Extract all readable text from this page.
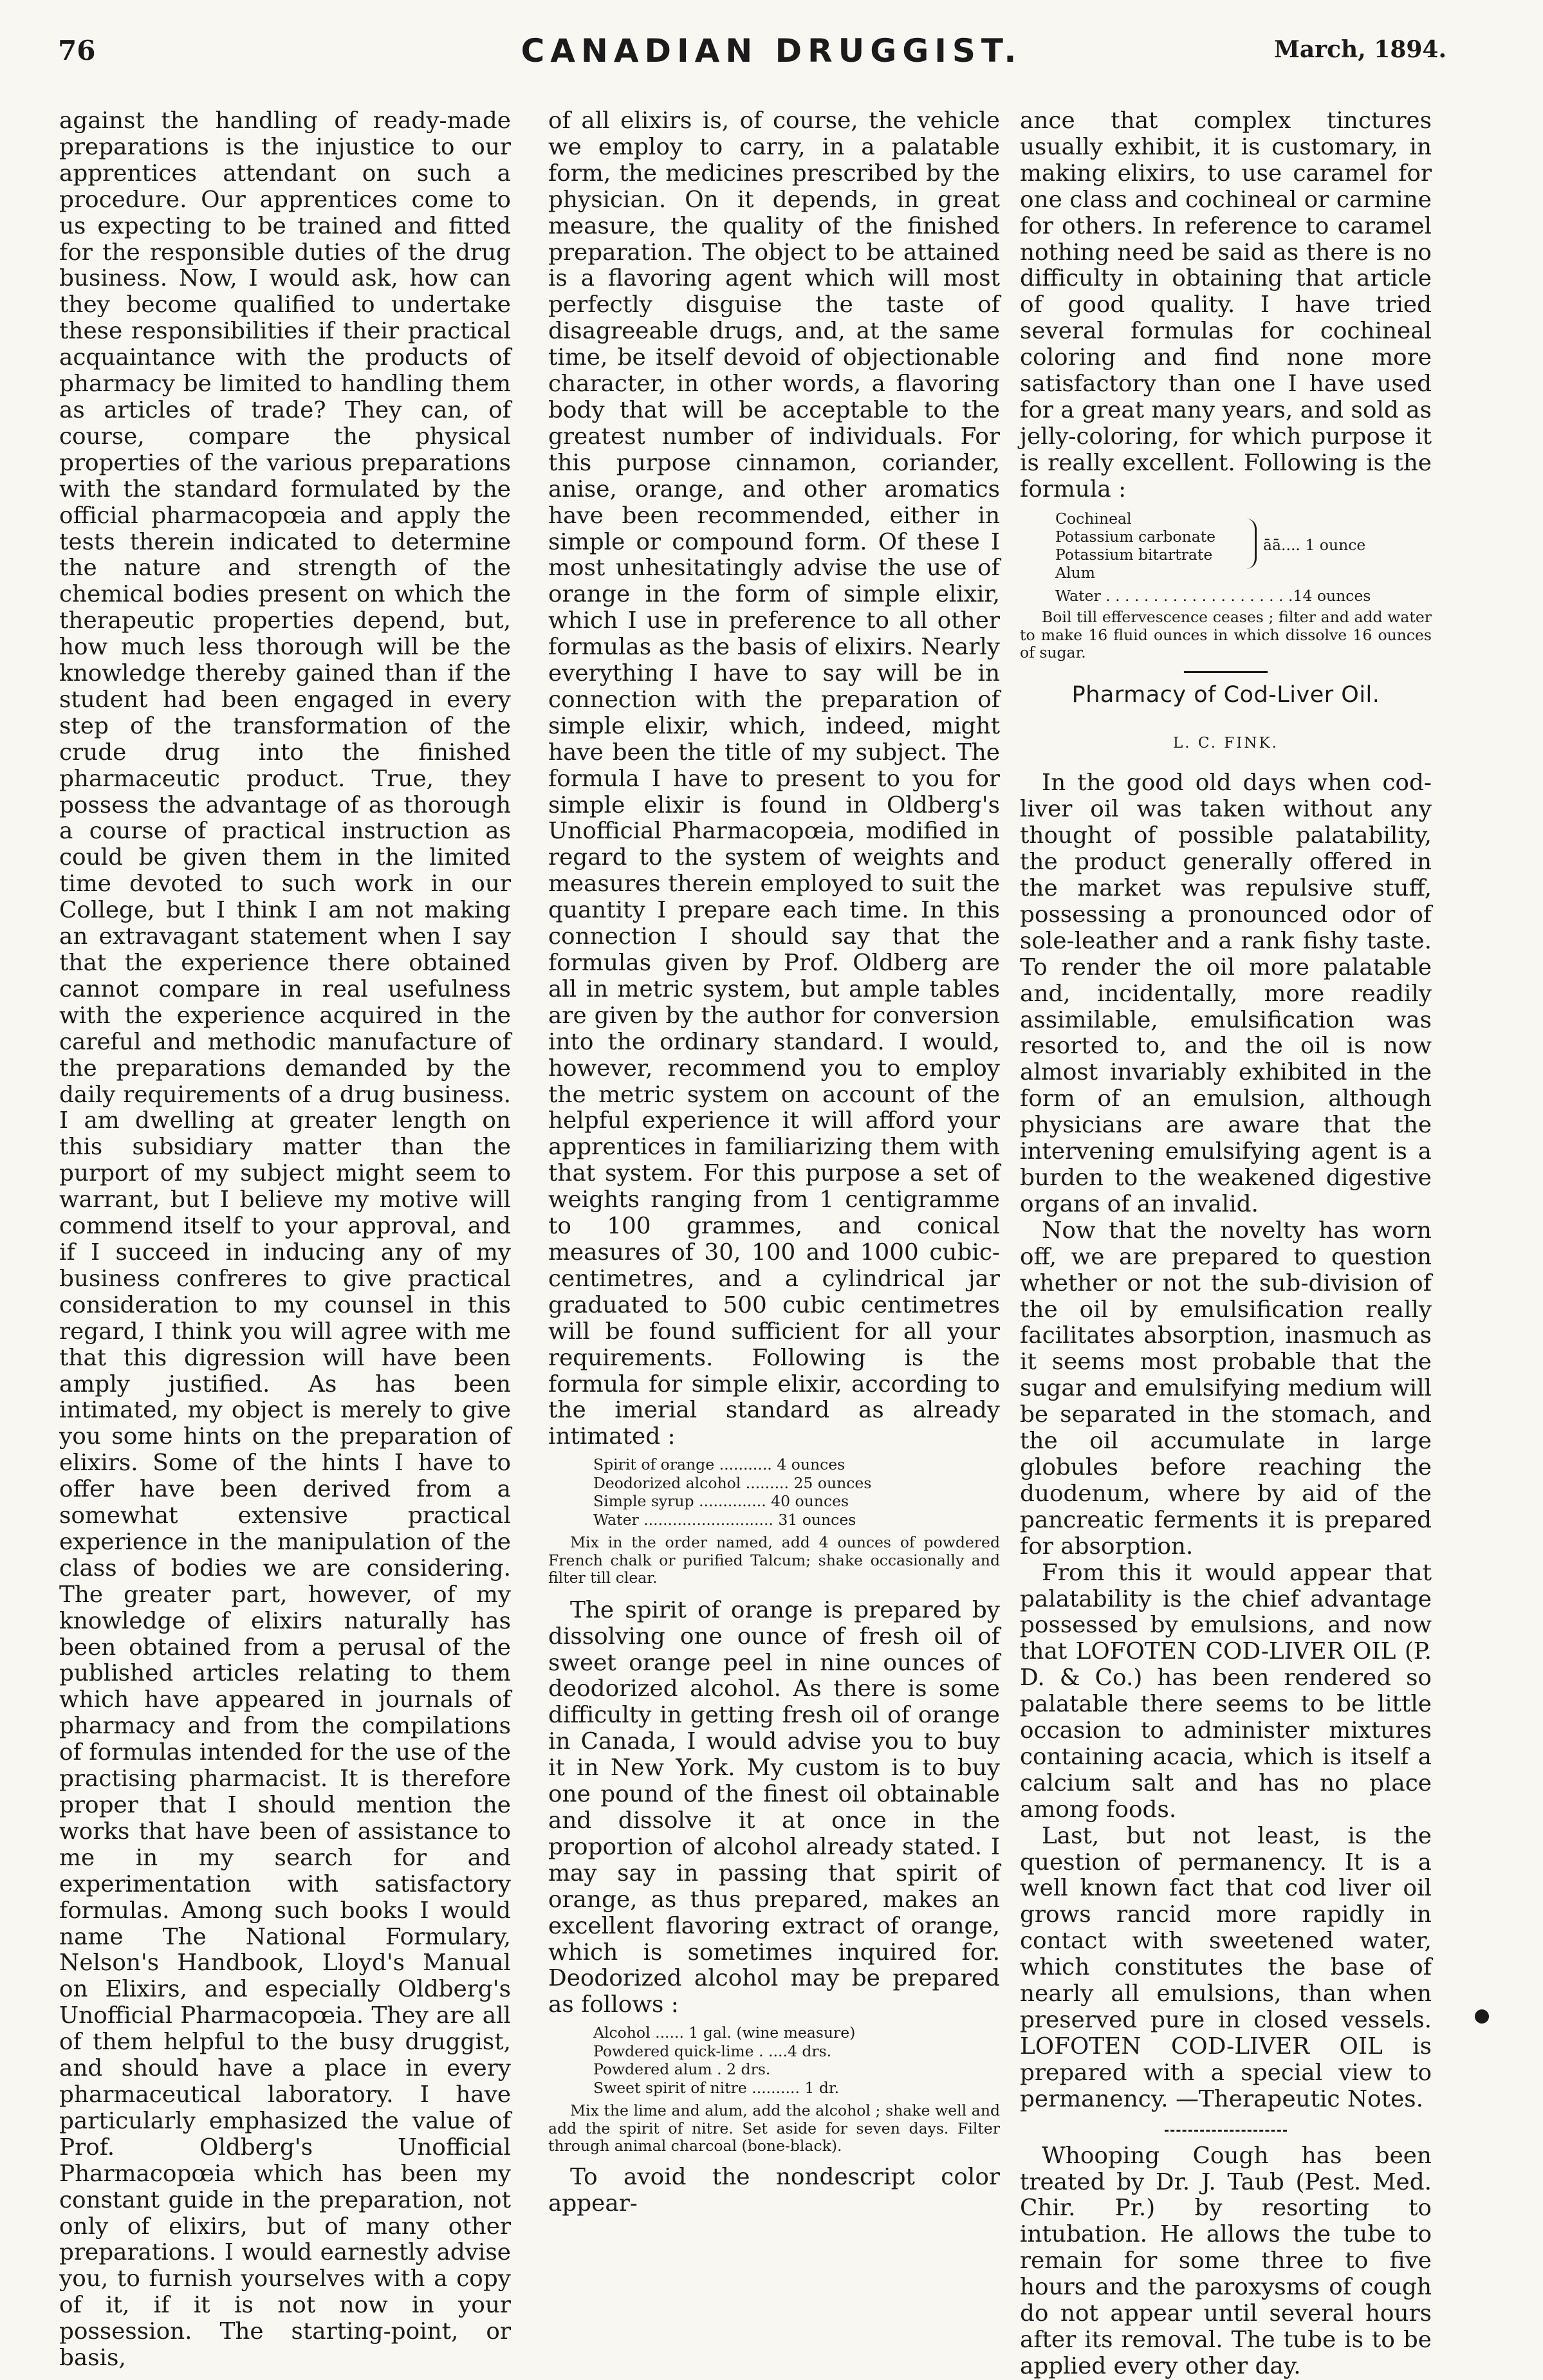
76	CANADIAN DRUGGIST.	March, 1894.

against the handling of ready-made preparations is the injustice to our apprentices attendant on such a procedure. Our apprentices come to us expecting to be trained and fitted for the responsible duties of the drug business. Now, I would ask, how can they become qualified to undertake these responsibilities if their practical acquaintance with the products of pharmacy be limited to handling them as articles of trade? They can, of course, compare the physical properties of the various preparations with the standard formulated by the official pharmacopœia and apply the tests therein indicated to determine the nature and strength of the chemical bodies present on which the therapeutic properties depend, but, how much less thorough will be the knowledge thereby gained than if the student had been engaged in every step of the transformation of the crude drug into the finished pharmaceutic product. True, they possess the advantage of as thorough a course of practical instruction as could be given them in the limited time devoted to such work in our College, but I think I am not making an extravagant statement when I say that the experience there obtained cannot compare in real usefulness with the experience acquired in the careful and methodic manufacture of the preparations demanded by the daily requirements of a drug business. I am dwelling at greater length on this subsidiary matter than the purport of my subject might seem to warrant, but I believe my motive will commend itself to your approval, and if I succeed in inducing any of my business confreres to give practical consideration to my counsel in this regard, I think you will agree with me that this digression will have been amply justified. As has been intimated, my object is merely to give you some hints on the preparation of elixirs. Some of the hints I have to offer have been derived from a somewhat extensive practical experience in the manipulation of the class of bodies we are considering. The greater part, however, of my knowledge of elixirs naturally has been obtained from a perusal of the published articles relating to them which have appeared in journals of pharmacy and from the compilations of formulas intended for the use of the practising pharmacist. It is therefore proper that I should mention the works that have been of assistance to me in my search for and experimentation with satisfactory formulas. Among such books I would name The National Formulary, Nelson's Handbook, Lloyd's Manual on Elixirs, and especially Oldberg's Unofficial Pharmacopœia. They are all of them helpful to the busy druggist, and should have a place in every pharmaceutical laboratory. I have particularly emphasized the value of Prof. Oldberg's Unofficial Pharmacopœia which has been my constant guide in the preparation, not only of elixirs, but of many other preparations. I would earnestly advise you, to furnish yourselves with a copy of it, if it is not now in your possession. The starting-point, or basis,

of all elixirs is, of course, the vehicle we employ to carry, in a palatable form, the medicines prescribed by the physician. On it depends, in great measure, the quality of the finished preparation. The object to be attained is a flavoring agent which will most perfectly disguise the taste of disagreeable drugs, and, at the same time, be itself devoid of objectionable character, in other words, a flavoring body that will be acceptable to the greatest number of individuals. For this purpose cinnamon, coriander, anise, orange, and other aromatics have been recommended, either in simple or compound form. Of these I most unhesitatingly advise the use of orange in the form of simple elixir, which I use in preference to all other formulas as the basis of elixirs. Nearly everything I have to say will be in connection with the preparation of simple elixir, which, indeed, might have been the title of my subject. The formula I have to present to you for simple elixir is found in Oldberg's Unofficial Pharmacopœia, modified in regard to the system of weights and measures therein employed to suit the quantity I prepare each time. In this connection I should say that the formulas given by Prof. Oldberg are all in metric system, but ample tables are given by the author for conversion into the ordinary standard. I would, however, recommend you to employ the metric system on account of the helpful experience it will afford your apprentices in familiarizing them with that system. For this purpose a set of weights ranging from 1 centigramme to 100 grammes, and conical measures of 30, 100 and 1000 cubic-centimetres, and a cylindrical jar graduated to 500 cubic centimetres will be found sufficient for all your requirements. Following is the formula for simple elixir, according to the imerial standard as already intimated :

Spirit of orange ........... 4 ounces
Deodorized alcohol ......... 25 ounces
Simple syrup .............. 40 ounces
Water ........................... 31 ounces

Mix in the order named, add 4 ounces of powdered French chalk or purified Talcum; shake occasionally and filter till clear.

The spirit of orange is prepared by dissolving one ounce of fresh oil of sweet orange peel in nine ounces of deodorized alcohol. As there is some difficulty in getting fresh oil of orange in Canada, I would advise you to buy it in New York. My custom is to buy one pound of the finest oil obtainable and dissolve it at once in the proportion of alcohol already stated. I may say in passing that spirit of orange, as thus prepared, makes an excellent flavoring extract of orange, which is sometimes inquired for. Deodorized alcohol may be prepared as follows :

Alcohol ...... 1 gal. (wine measure)
Powdered quick-lime . ....4 drs.
Powdered alum . 2 drs.
Sweet spirit of nitre .......... 1 dr.

Mix the lime and alum, add the alcohol ; shake well and add the spirit of nitre. Set aside for seven days. Filter through animal charcoal (bone-black).

To avoid the nondescript color appear-

ance that complex tinctures usually exhibit, it is customary, in making elixirs, to use caramel for one class and cochineal or carmine for others. In reference to caramel nothing need be said as there is no difficulty in obtaining that article of good quality. I have tried several formulas for cochineal coloring and find none more satisfactory than one I have used for a great many years, and sold as jelly-coloring, for which purpose it is really excellent. Following is the formula :

Cochineal
Potassium carbonate
Potassium bitartrate
Alum
āā.... 1 ounce
Water . . . . . . . . . . . . . . . . . . . .14 ounces

Boil till effervescence ceases ; filter and add water to make 16 fluid ounces in which dissolve 16 ounces of sugar.

Pharmacy of Cod-Liver Oil.
L. C. FINK.

In the good old days when cod-liver oil was taken without any thought of possible palatability, the product generally offered in the market was repulsive stuff, possessing a pronounced odor of sole-leather and a rank fishy taste. To render the oil more palatable and, incidentally, more readily assimilable, emulsification was resorted to, and the oil is now almost invariably exhibited in the form of an emulsion, although physicians are aware that the intervening emulsifying agent is a burden to the weakened digestive organs of an invalid.

Now that the novelty has worn off, we are prepared to question whether or not the sub-division of the oil by emulsification really facilitates absorption, inasmuch as it seems most probable that the sugar and emulsifying medium will be separated in the stomach, and the oil accumulate in large globules before reaching the duodenum, where by aid of the pancreatic ferments it is prepared for absorption.

From this it would appear that palatability is the chief advantage possessed by emulsions, and now that LOFOTEN COD-LIVER OIL (P. D. & Co.) has been rendered so palatable there seems to be little occasion to administer mixtures containing acacia, which is itself a calcium salt and has no place among foods.

Last, but not least, is the question of permanency. It is a well known fact that cod liver oil grows rancid more rapidly in contact with sweetened water, which constitutes the base of nearly all emulsions, than when preserved pure in closed vessels. LOFOTEN COD-LIVER OIL is prepared with a special view to permanency. —Therapeutic Notes.

Whooping Cough has been treated by Dr. J. Taub (Pest. Med. Chir. Pr.) by resorting to intubation. He allows the tube to remain for some three to five hours and the paroxysms of cough do not appear until several hours after its removal. The tube is to be applied every other day.
